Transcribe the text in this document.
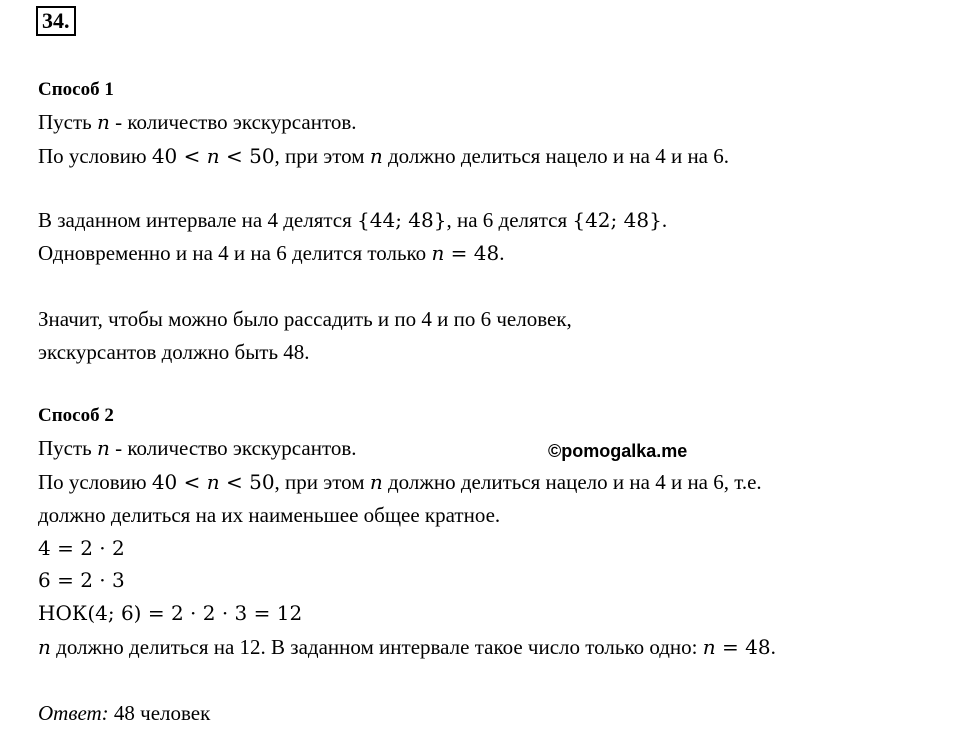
34.
Способ 1
Пусть n - количество экскурсантов.
По условию 40 < n < 50, при этом n должно делиться нацело и на 4 и на 6.
В заданном интервале на 4 делятся {44; 48}, на 6 делятся {42; 48}.
Одновременно и на 4 и на 6 делится только n = 48.
Значит, чтобы можно было рассадить и по 4 и по 6 человек,
экскурсантов должно быть 48.
Способ 2
Пусть n - количество экскурсантов.	©pomogalka.me
По условию 40 < n < 50, при этом n должно делиться нацело и на 4 и на 6, т.е.
должно делиться на их наименьшее общее кратное.
4 = 2 · 2
6 = 2 · 3
НОК(4; 6) = 2 · 2 · 3 = 12
n должно делиться на 12. В заданном интервале такое число только одно: n = 48.
Ответ: 48 человек
